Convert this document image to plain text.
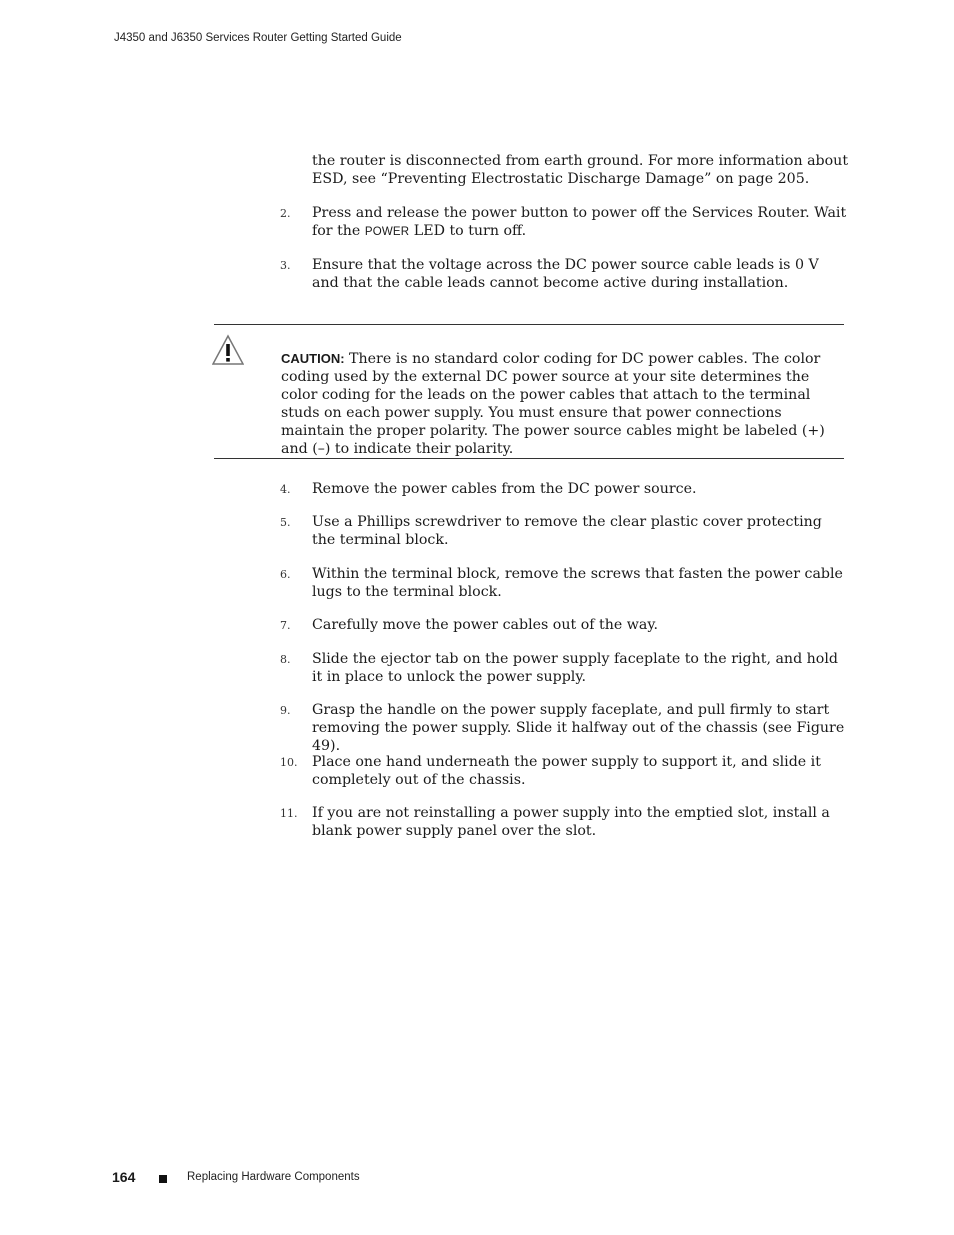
J4350 and J6350 Services Router Getting Started Guide
the router is disconnected from earth ground. For more information about
ESD, see “Preventing Electrostatic Discharge Damage” on page 205.
2. Press and release the power button to power off the Services Router. Wait for the POWER LED to turn off.
3. Ensure that the voltage across the DC power source cable leads is 0 V and that the cable leads cannot become active during installation.
CAUTION: There is no standard color coding for DC power cables. The color coding used by the external DC power source at your site determines the color coding for the leads on the power cables that attach to the terminal studs on each power supply. You must ensure that power connections maintain the proper polarity. The power source cables might be labeled (+) and (–) to indicate their polarity.
4. Remove the power cables from the DC power source.
5. Use a Phillips screwdriver to remove the clear plastic cover protecting the terminal block.
6. Within the terminal block, remove the screws that fasten the power cable lugs to the terminal block.
7. Carefully move the power cables out of the way.
8. Slide the ejector tab on the power supply faceplate to the right, and hold it in place to unlock the power supply.
9. Grasp the handle on the power supply faceplate, and pull firmly to start removing the power supply. Slide it halfway out of the chassis (see Figure 49).
10. Place one hand underneath the power supply to support it, and slide it completely out of the chassis.
11. If you are not reinstalling a power supply into the emptied slot, install a blank power supply panel over the slot.
164	Replacing Hardware Components
